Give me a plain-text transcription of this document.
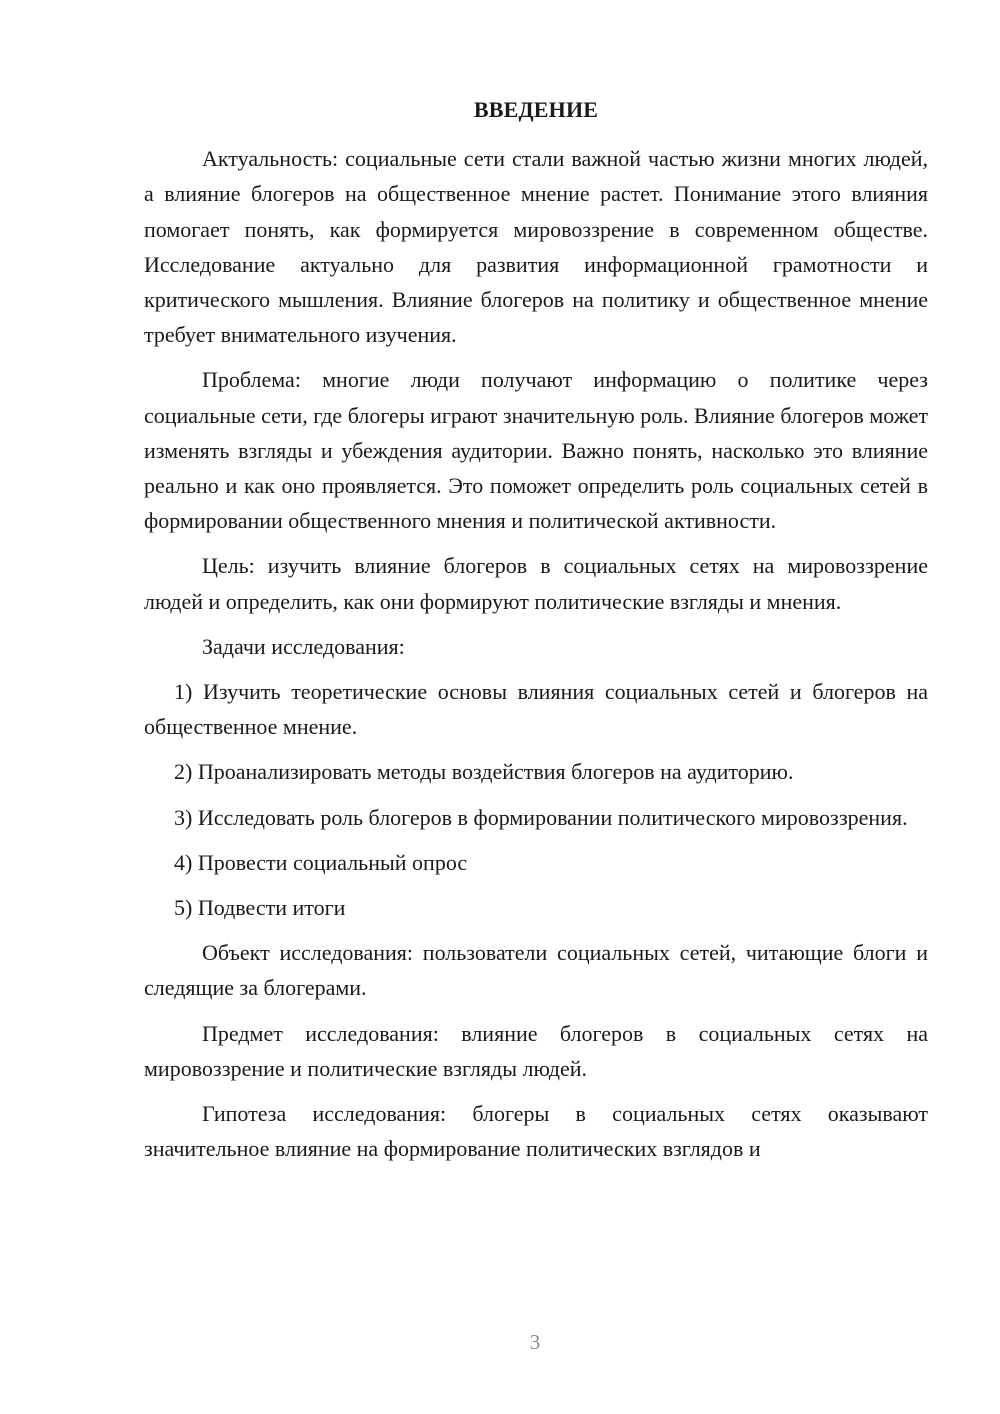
ВВЕДЕНИЕ

Актуальность: социальные сети стали важной частью жизни многих людей, а влияние блогеров на общественное мнение растет. Понимание этого влияния помогает понять, как формируется мировоззрение в современном обществе. Исследование актуально для развития информационной грамотности и критического мышления. Влияние блогеров на политику и общественное мнение требует внимательного изучения.

Проблема: многие люди получают информацию о политике через социальные сети, где блогеры играют значительную роль. Влияние блогеров может изменять взгляды и убеждения аудитории. Важно понять, насколько это влияние реально и как оно проявляется. Это поможет определить роль социальных сетей в формировании общественного мнения и политической активности.

Цель: изучить влияние блогеров в социальных сетях на мировоззрение людей и определить, как они формируют политические взгляды и мнения.

Задачи исследования:

1) Изучить теоретические основы влияния социальных сетей и блогеров на общественное мнение.

2) Проанализировать методы воздействия блогеров на аудиторию.

3) Исследовать роль блогеров в формировании политического мировоззрения.

4) Провести социальный опрос

5) Подвести итоги

Объект исследования: пользователи социальных сетей, читающие блоги и следящие за блогерами.

Предмет исследования: влияние блогеров в социальных сетях на мировоззрение и политические взгляды людей.

Гипотеза исследования: блогеры в социальных сетях оказывают значительное влияние на формирование политических взглядов и

3
